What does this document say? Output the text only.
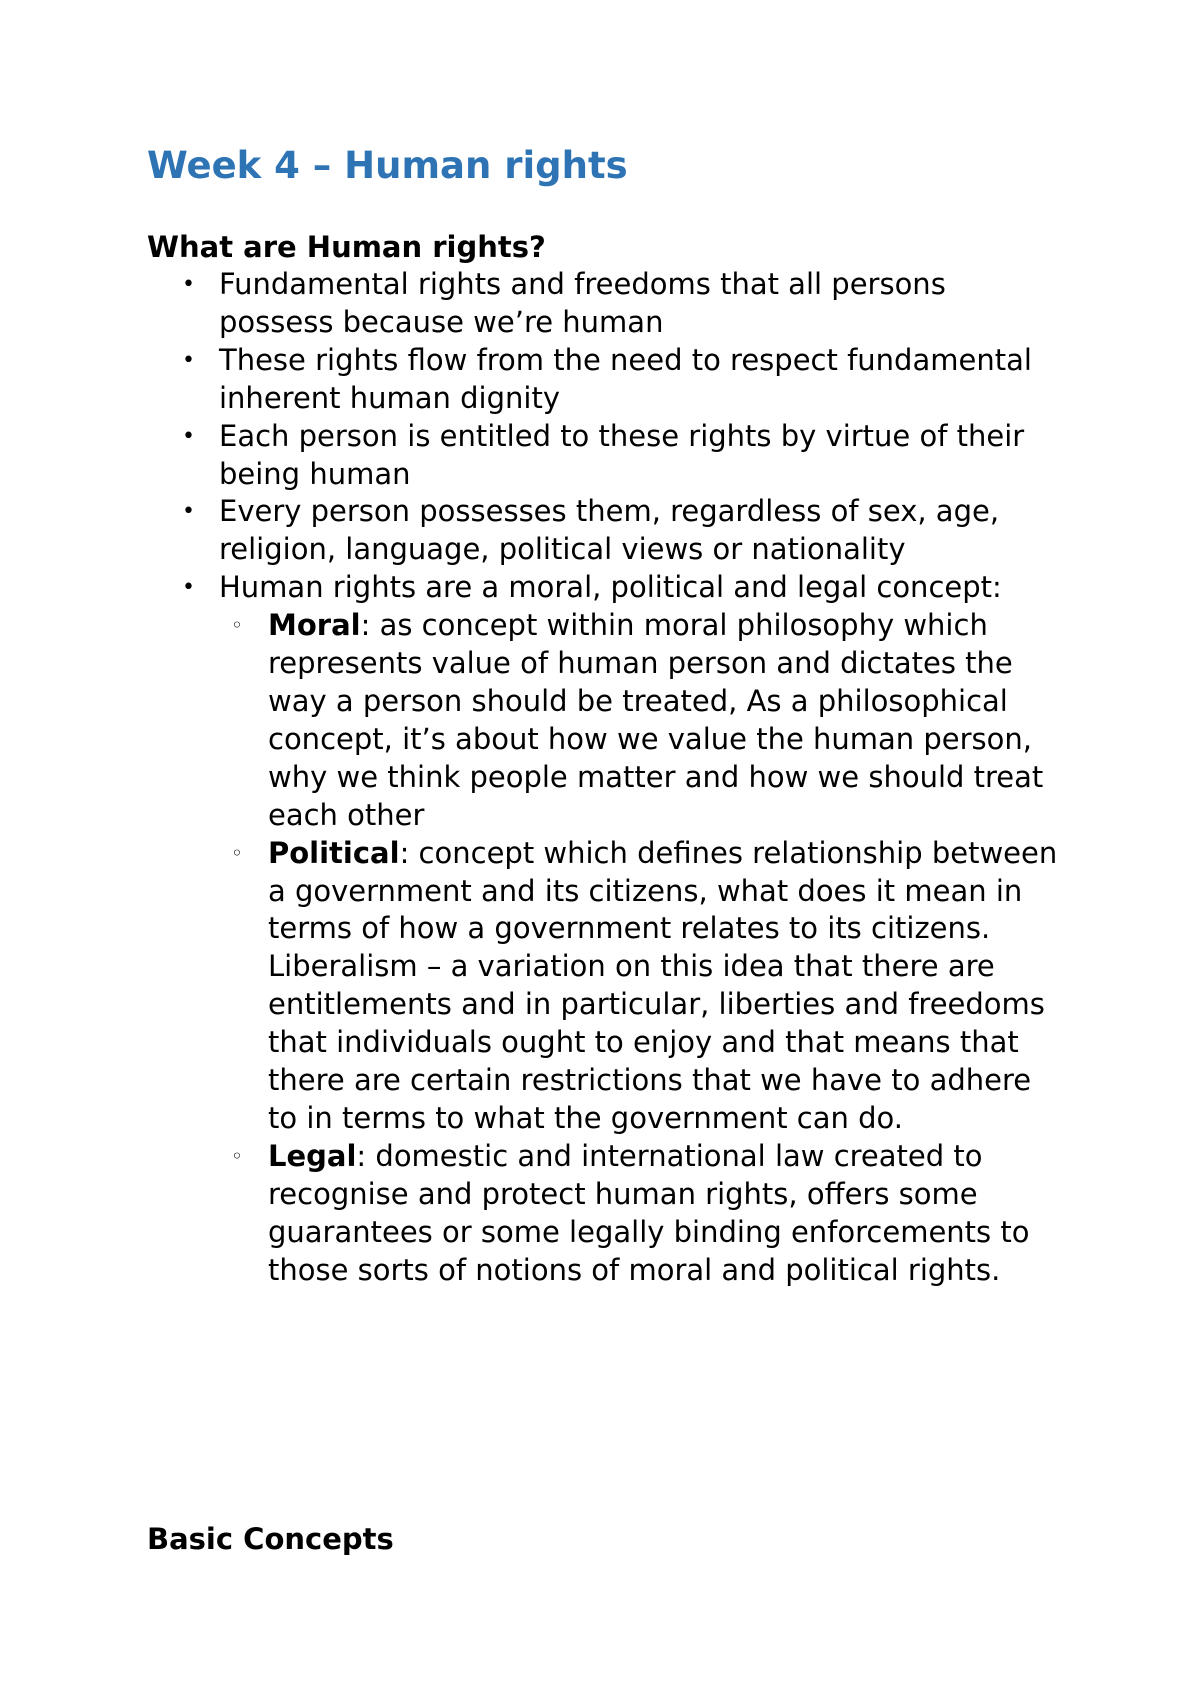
Week 4 – Human rights
What are Human rights?
• Fundamental rights and freedoms that all persons possess because we’re human
• These rights flow from the need to respect fundamental inherent human dignity
• Each person is entitled to these rights by virtue of their being human
• Every person possesses them, regardless of sex, age, religion, language, political views or nationality
• Human rights are a moral, political and legal concept:
◦ Moral: as concept within moral philosophy which represents value of human person and dictates the way a person should be treated, As a philosophical concept, it’s about how we value the human person, why we think people matter and how we should treat each other
◦ Political: concept which defines relationship between a government and its citizens, what does it mean in terms of how a government relates to its citizens. Liberalism – a variation on this idea that there are entitlements and in particular, liberties and freedoms that individuals ought to enjoy and that means that there are certain restrictions that we have to adhere to in terms to what the government can do.
◦ Legal: domestic and international law created to recognise and protect human rights, offers some guarantees or some legally binding enforcements to those sorts of notions of moral and political rights.
Basic Concepts
